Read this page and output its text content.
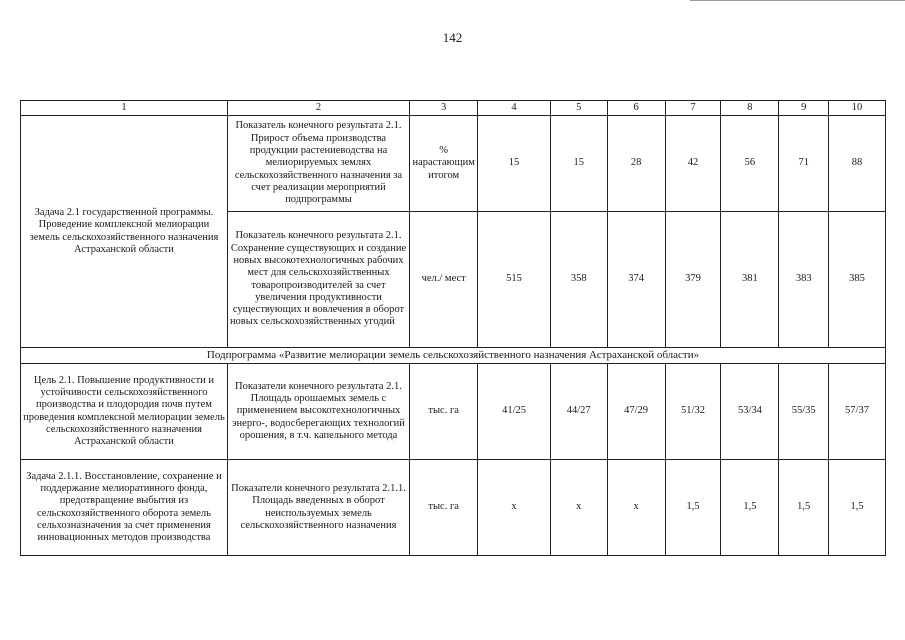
142
1	2	3	4	5	6	7	8	9	10
Задача 2.1 государственной программы. Проведение комплексной мелиорации земель сельскохозяйственного назначения Астраханской области	Показатель конечного результата 2.1. Прирост объема производства продукции растениеводства на мелиорируемых землях сельскохозяйственного назначения за счет реализации мероприятий подпрограммы	% нарастающим итогом	15	15	28	42	56	71	88
	Показатель конечного результата 2.1. Сохранение существующих и создание новых высокотехнологичных рабочих мест для сельскохозяйственных товаропроизводителей за счет увеличения продуктивности существующих и вовлечения в оборот новых сельскохозяйственных угодий	чел./ мест	515	358	374	379	381	383	385
Подпрограмма «Развитие мелиорации земель сельскохозяйственного назначения Астраханской области»									
Цель 2.1. Повышение продуктивности и устойчивости сельскохозяйственного производства и плодородия почв путем проведения комплексной мелиорации земель сельскохозяйственного назначения Астраханской области	Показатели конечного результата 2.1. Площадь орошаемых земель с применением высокотехнологичных энерго-, водосберегающих технологий орошения, в т.ч. капельного метода	тыс. га	41/25	44/27	47/29	51/32	53/34	55/35	57/37
Задача 2.1.1. Восстановление, сохранение и поддержание мелиоративного фонда, предотвращение выбытия из сельскохозяйственного оборота земель сельхозназначения за счет применения инновационных методов производства	Показатели конечного результата 2.1.1. Площадь введенных в оборот неиспользуемых земель сельскохозяйственного назначения	тыс. га	x	x	x	1,5	1,5	1,5	1,5
